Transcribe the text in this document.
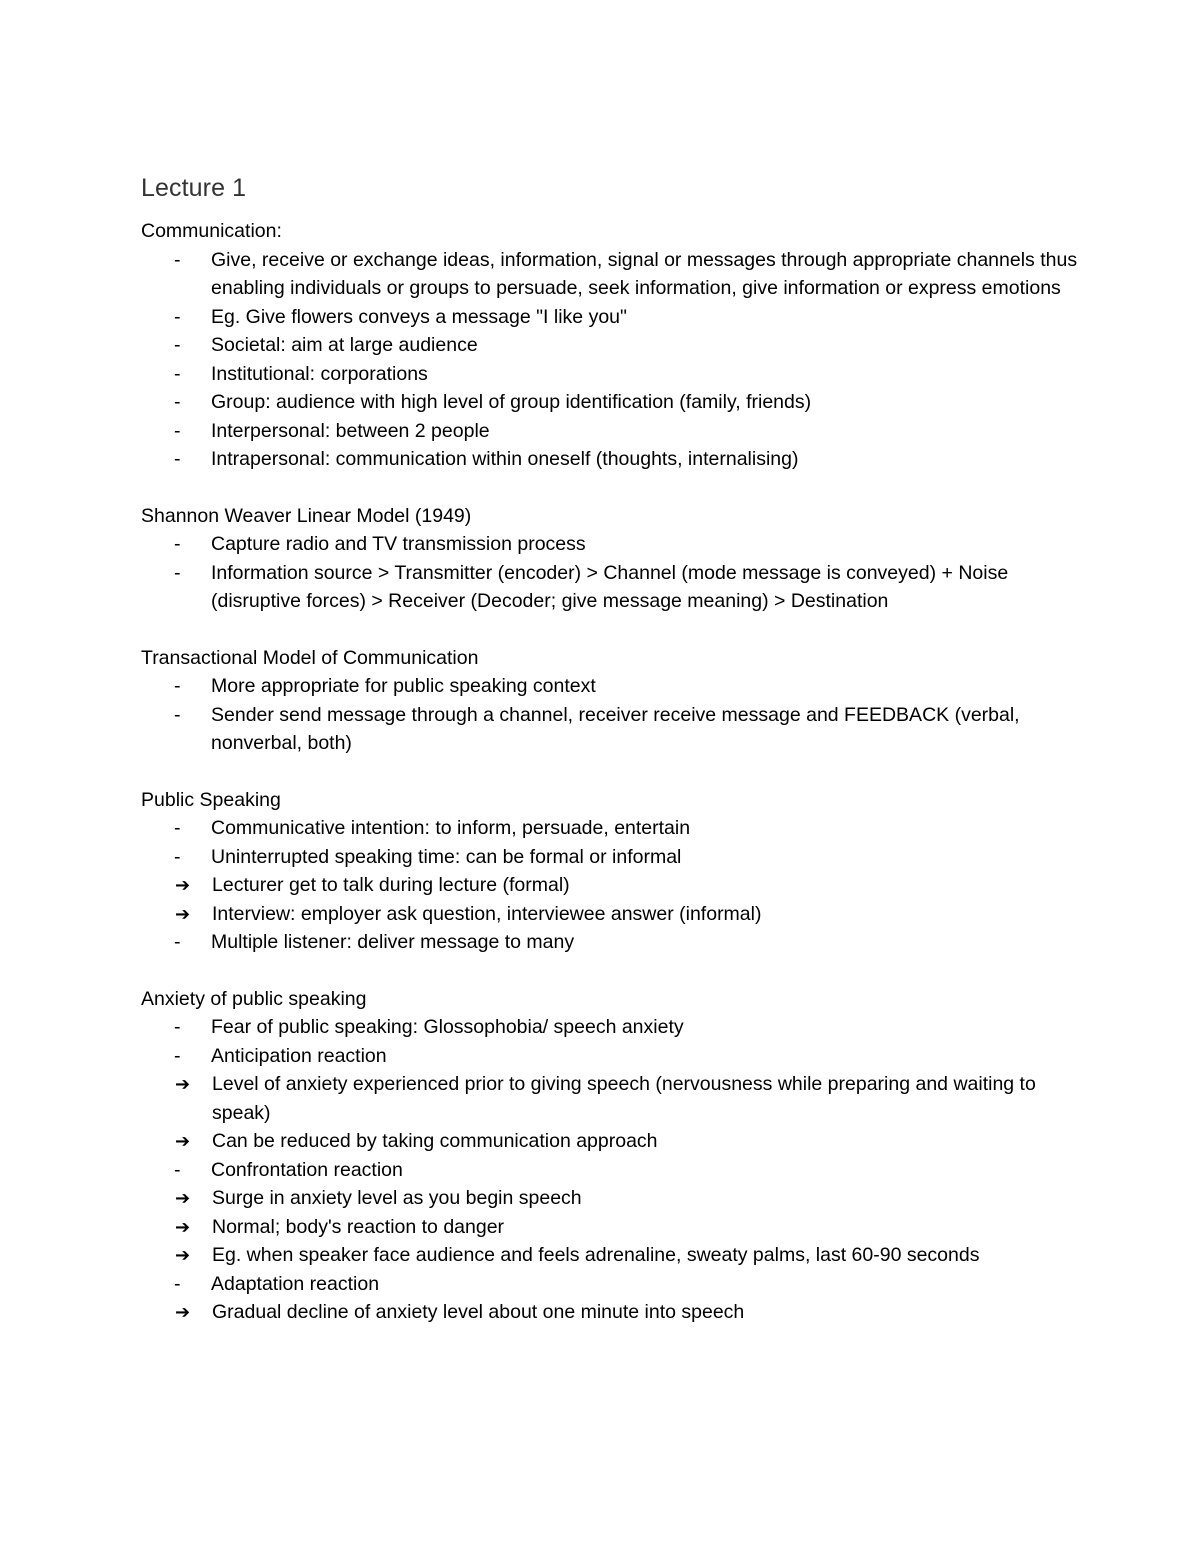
Lecture 1

Communication:

-	Give, receive or exchange ideas, information, signal or messages through appropriate channels thus enabling individuals or groups to persuade, seek information, give information or express emotions
-	Eg. Give flowers conveys a message "I like you"
-	Societal: aim at large audience
-	Institutional: corporations
-	Group: audience with high level of group identification (family, friends)
-	Interpersonal: between 2 people
-	Intrapersonal: communication within oneself (thoughts, internalising)

Shannon Weaver Linear Model (1949)

-	Capture radio and TV transmission process
-	Information source > Transmitter (encoder) > Channel (mode message is conveyed) + Noise (disruptive forces) > Receiver (Decoder; give message meaning) > Destination

Transactional Model of Communication

-	More appropriate for public speaking context
-	Sender send message through a channel, receiver receive message and FEEDBACK (verbal, nonverbal, both)

Public Speaking

-	Communicative intention: to inform, persuade, entertain
-	Uninterrupted speaking time: can be formal or informal
➔	Lecturer get to talk during lecture (formal)
➔	Interview: employer ask question, interviewee answer (informal)
-	Multiple listener: deliver message to many

Anxiety of public speaking

-	Fear of public speaking: Glossophobia/ speech anxiety
-	Anticipation reaction
➔	Level of anxiety experienced prior to giving speech (nervousness while preparing and waiting to speak)
➔	Can be reduced by taking communication approach
-	Confrontation reaction
➔	Surge in anxiety level as you begin speech
➔	Normal; body's reaction to danger
➔	Eg. when speaker face audience and feels adrenaline, sweaty palms, last 60-90 seconds
-	Adaptation reaction
➔	Gradual decline of anxiety level about one minute into speech
